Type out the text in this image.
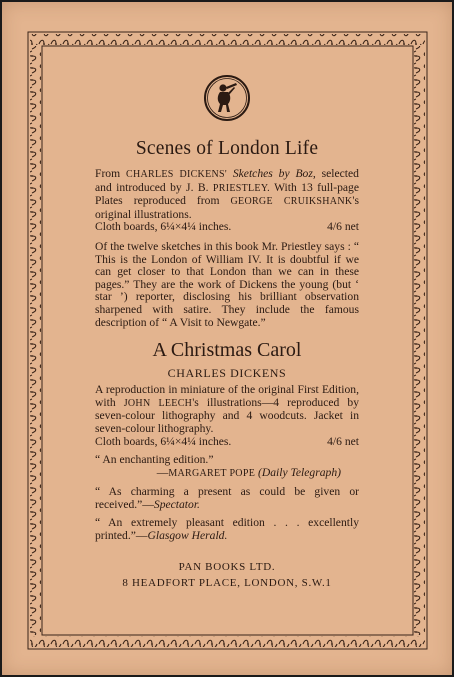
Scenes of London Life

From CHARLES DICKENS' Sketches by Boz, selected and introduced by J. B. PRIESTLEY. With 13 full-page Plates reproduced from GEORGE CRUIKSHANK's original illustrations.

Cloth boards, 6¼×4¼ inches.	4/6 net

Of the twelve sketches in this book Mr. Priestley says : “ This is the London of William IV. It is doubtful if we can get closer to that London than we can in these pages.” They are the work of Dickens the young (but ‘ star ’) reporter, disclosing his brilliant observation sharpened with satire. They include the famous description of “ A Visit to Newgate.”

A Christmas Carol
CHARLES DICKENS

A reproduction in miniature of the original First Edition, with JOHN LEECH's illustrations—4 reproduced by seven-colour lithography and 4 woodcuts. Jacket in seven-colour lithography.

Cloth boards, 6¼×4¼ inches.	4/6 net

“ An enchanting edition.”

—MARGARET POPE (Daily Telegraph)

“ As charming a present as could be given or received.”—Spectator.

“ An extremely pleasant edition . . . excellently printed.”—Glasgow Herald.

PAN BOOKS LTD.
8 HEADFORT PLACE, LONDON, S.W.1
